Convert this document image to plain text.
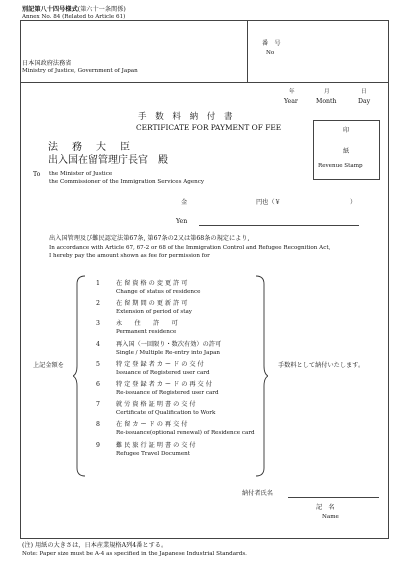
別記第八十四号様式(第六十一条関係)
Annex No. 84 (Related to Article 61)
日本国政府法務省
Ministry of Justice, Government of Japan
番　号
No
年	月	日
Year	Month	Day
手 数 料 納 付 書
CERTIFICATE FOR PAYMENT OF FEE	印
紙
Revenue Stamp
法　務　大　臣
出入国在留管理庁長官　殿
To the Minister of Justice
the Commissioner of the Immigration Services Agency
金	円也（￥	）
Yen
出入国管理及び難民認定法第67条, 第67条の2又は第68条の規定により,
In accordance with Article 67, 67-2 or 68 of the Immigration Control and Refugee Recognition Act,
I hereby pay the amount shown as fee for permission for
上記金額を	手数料として納付いたします。
1	在 留 資 格 の 変 更 許 可
Change of status of residence
2	在 留 期 間 の 更 新 許 可
Extension of period of stay
3	永　　住　　許　　可
Permanent residence
4	再入国（一回限り・数次有効）の許可
Single / Multiple Re-entry into Japan
5	特 定 登 録 者 カ ー ド の 交 付
Issuance of Registered user card
6	特 定 登 録 者 カ ー ド の 再 交 付
Re-issuance of Registered user card
7	就 労 資 格 証 明 書 の 交 付
Certificate of Qualification to Work
8	在 留 カ ー ド の 再 交 付
Re-issuance(optional renewal) of Residence card
9	難 民 旅 行 証 明 書 の 交 付
Refugee Travel Document
納付者氏名
記　名
Name
(注) 用紙の大きさは，日本産業規格A列4番とする。
Note: Paper size must be A-4 as specified in the Japanese Industrial Standards.
